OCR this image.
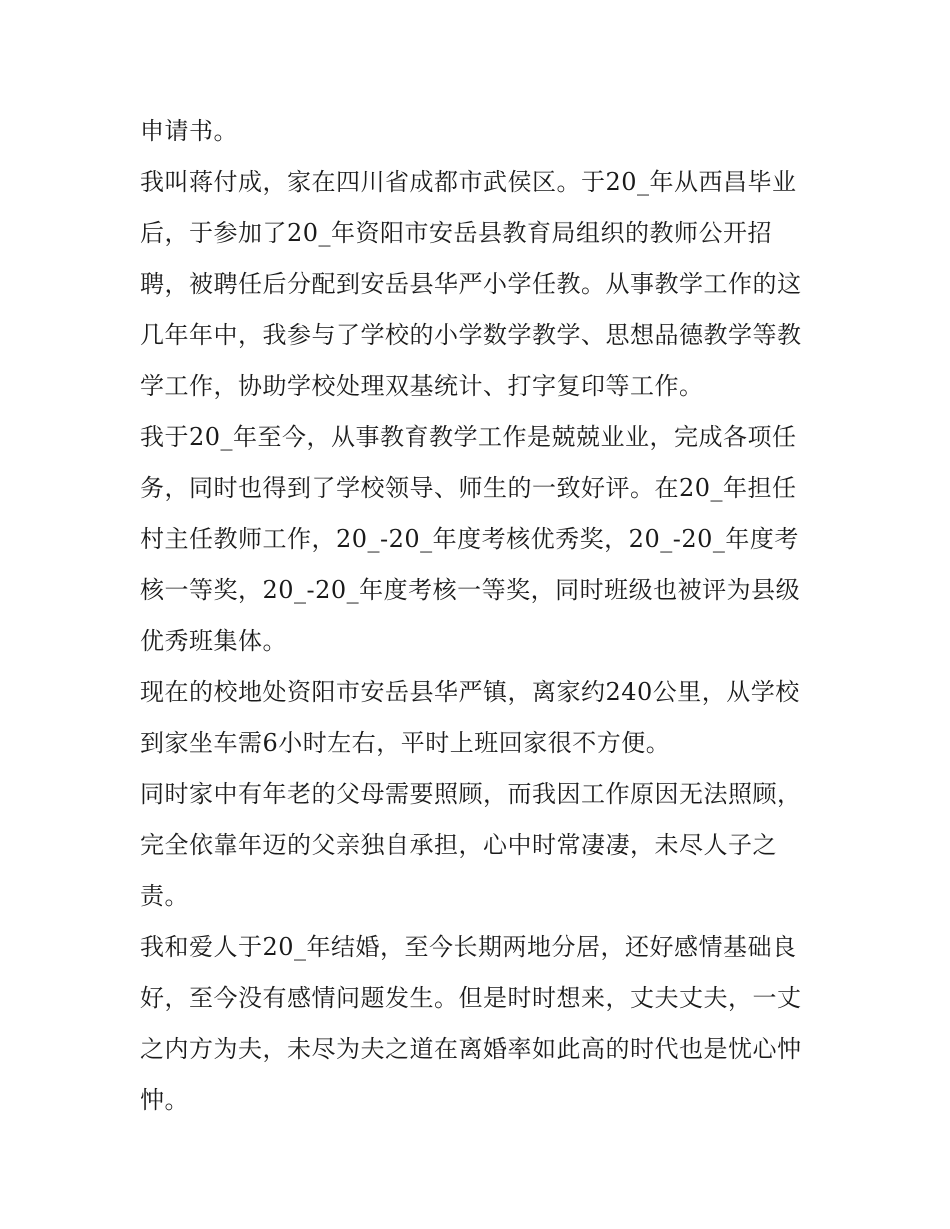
申请书。

我叫蒋付成，家在四川省成都市武侯区。于20_年从西昌毕业
后，于参加了20_年资阳市安岳县教育局组织的教师公开招
聘，被聘任后分配到安岳县华严小学任教。从事教学工作的这
几年年中，我参与了学校的小学数学教学、思想品德教学等教
学工作，协助学校处理双基统计、打字复印等工作。

我于20_年至今，从事教育教学工作是兢兢业业，完成各项任
务，同时也得到了学校领导、师生的一致好评。在20_年担任
村主任教师工作，20_-20_年度考核优秀奖，20_-20_年度考
核一等奖，20_-20_年度考核一等奖，同时班级也被评为县级
优秀班集体。

现在的校地处资阳市安岳县华严镇，离家约240公里，从学校
到家坐车需6小时左右，平时上班回家很不方便。

同时家中有年老的父母需要照顾，而我因工作原因无法照顾，
完全依靠年迈的父亲独自承担，心中时常凄凄，未尽人子之
责。

我和爱人于20_年结婚，至今长期两地分居，还好感情基础良
好，至今没有感情问题发生。但是时时想来，丈夫丈夫，一丈
之内方为夫，未尽为夫之道在离婚率如此高的时代也是忧心忡
忡。
